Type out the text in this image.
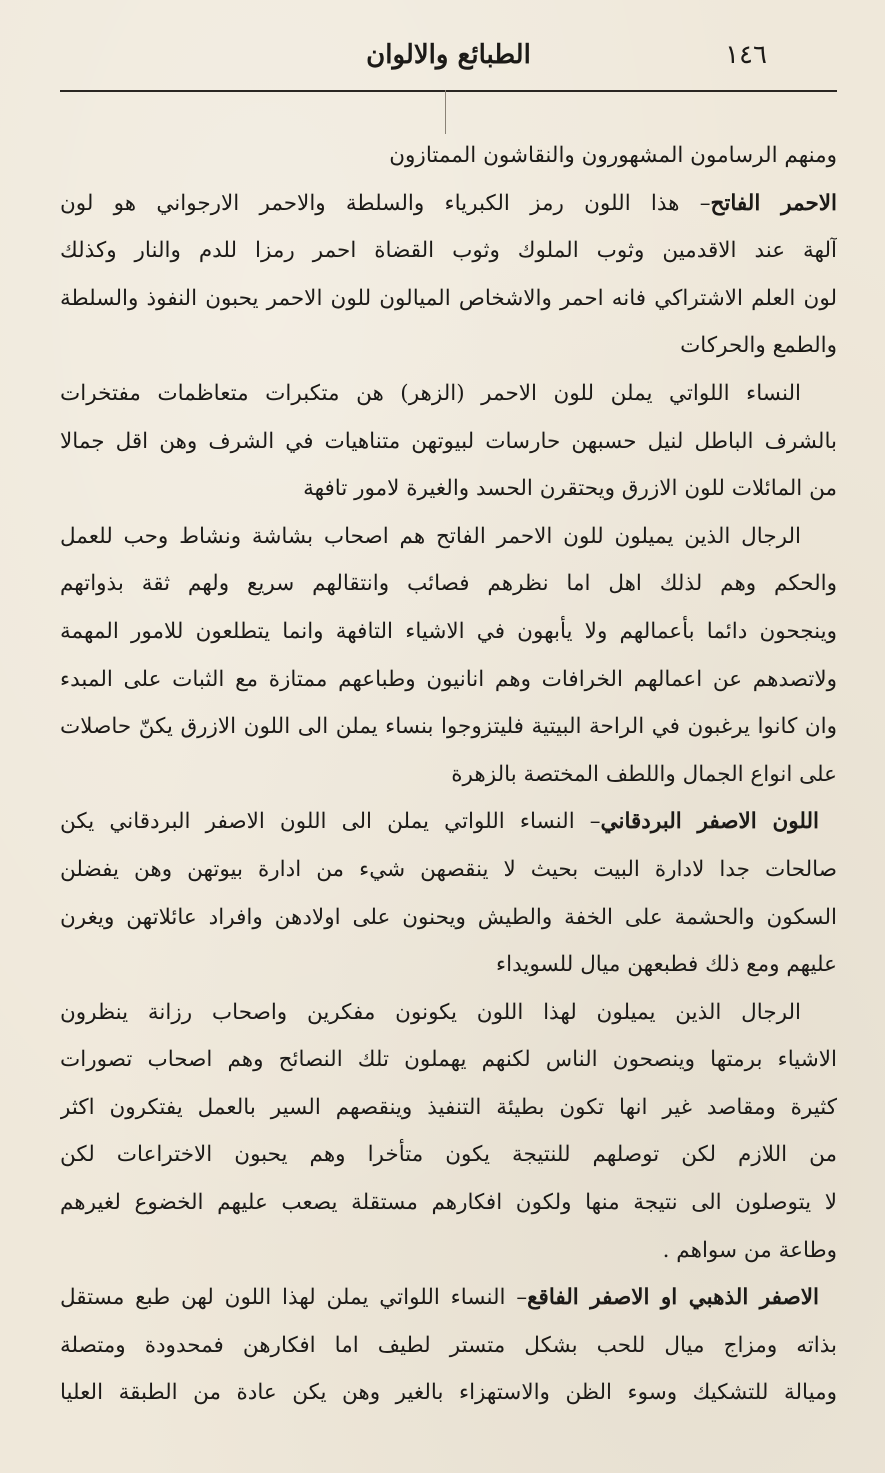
١٤٦
الطبائع والالوان
ومنهم الرسامون المشهورون والنقاشون الممتازون
الاحمر الفاتح– هذا اللون رمز الكبرياء والسلطة والاحمر الارجواني هو لون
آلهة عند الاقدمين وثوب الملوك وثوب القضاة احمر رمزا للدم والنار وكذلك
لون العلم الاشتراكي فانه احمر والاشخاص الميالون للون الاحمر يحبون النفوذ والسلطة
والطمع والحركات
النساء اللواتي يملن للون الاحمر (الزهر) هن متكبرات متعاظمات مفتخرات
بالشرف الباطل لنيل حسبهن حارسات لبيوتهن متناهيات في الشرف وهن اقل جمالا
من المائلات للون الازرق ويحتقرن الحسد والغيرة لامور تافهة
الرجال الذين يميلون للون الاحمر الفاتح هم اصحاب بشاشة ونشاط وحب للعمل
والحكم وهم لذلك اهل اما نظرهم فصائب وانتقالهم سريع ولهم ثقة بذواتهم
وينجحون دائما بأعمالهم ولا يأبهون في الاشياء التافهة وانما يتطلعون للامور المهمة
ولاتصدهم عن اعمالهم الخرافات وهم انانيون وطباعهم ممتازة مع الثبات على المبدء
وان كانوا يرغبون في الراحة البيتية فليتزوجوا بنساء يملن الى اللون الازرق يكنّ حاصلات
على انواع الجمال واللطف المختصة بالزهرة
اللون الاصفر البردقاني– النساء اللواتي يملن الى اللون الاصفر البردقاني يكن
صالحات جدا لادارة البيت بحيث لا ينقصهن شيء من ادارة بيوتهن وهن يفضلن
السكون والحشمة على الخفة والطيش ويحنون على اولادهن وافراد عائلاتهن ويغرن
عليهم ومع ذلك فطبعهن ميال للسويداء
الرجال الذين يميلون لهذا اللون يكونون مفكرين واصحاب رزانة ينظرون
الاشياء برمتها وينصحون الناس لكنهم يهملون تلك النصائح وهم اصحاب تصورات
كثيرة ومقاصد غير انها تكون بطيئة التنفيذ وينقصهم السير بالعمل يفتكرون اكثر
من اللازم لكن توصلهم للنتيجة يكون متأخرا وهم يحبون الاختراعات لكن
لا يتوصلون الى نتيجة منها ولكون افكارهم مستقلة يصعب عليهم الخضوع لغيرهم
وطاعة من سواهم .
الاصفر الذهبي او الاصفر الفاقع– النساء اللواتي يملن لهذا اللون لهن طبع مستقل
بذاته ومزاج ميال للحب بشكل متستر لطيف اما افكارهن فمحدودة ومتصلة
وميالة للتشكيك وسوء الظن والاستهزاء بالغير وهن يكن عادة من الطبقة العليا
